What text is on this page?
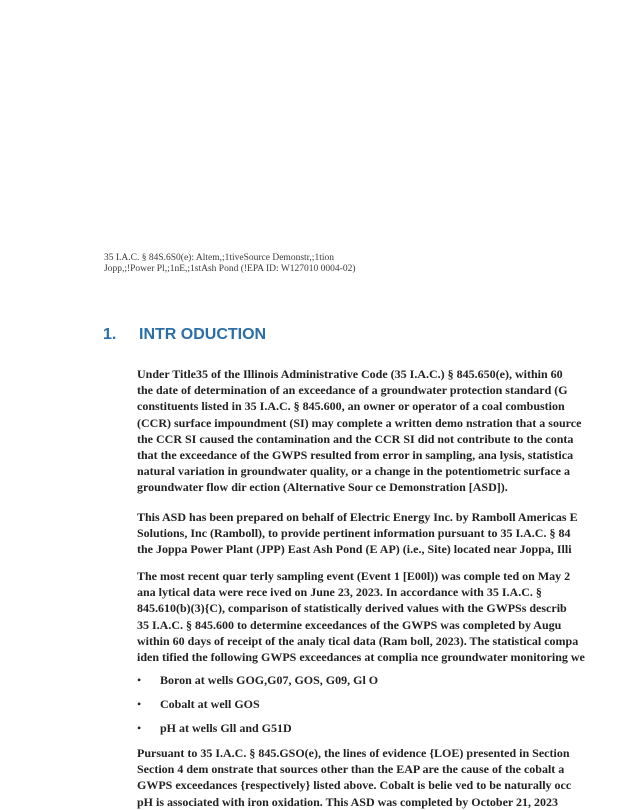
35 I.A.C. § 84S.6S0(e): Altem,;1tiveSource Demonstr,;1tion
Jopp,;!Power Pl,;1nE,;1stAsh Pond (!EPA ID: W127010 0004-02)
1. INTR ODUCTION
Under Title35 of the Illinois Administrative Code (35 I.A.C.) § 845.650(e), within 60
the date of determination of an exceedance of a groundwater protection standard (G
constituents listed in 35 I.A.C. § 845.600, an owner or operator of a coal combustion
(CCR) surface impoundment (SI) may complete a written demo nstration that a source
the CCR SI caused the contamination and the CCR SI did not contribute to the conta
that the exceedance of the GWPS resulted from error in sampling, ana lysis, statistica
natural variation in groundwater quality, or a change in the potentiometric surface a
groundwater flow dir ection (Alternative Sour ce Demonstration [ASD]).
This ASD has been prepared on behalf of Electric Energy Inc. by Ramboll Americas E
Solutions, Inc (Ramboll), to provide pertinent information pursuant to 35 I.A.C. § 84
the Joppa Power Plant (JPP) East Ash Pond (E AP) (i.e., Site) located near Joppa, Illi
The most recent quar terly sampling event (Event 1 [E00l)) was comple ted on May 2
ana lytical data were rece ived on June 23, 2023. In accordance with 35 I.A.C. §
845.610(b)(3){C), comparison of statistically derived values with the GWPSs describ
35 I.A.C. § 845.600 to determine exceedances of the GWPS was completed by Augu
within 60 days of receipt of the analy tical data (Ram boll, 2023). The statistical compa
iden tified the following GWPS exceedances at complia nce groundwater monitoring we
• Boron at wells GOG,G07, GOS, G09, Gl O
• Cobalt at well GOS
• pH at wells Gll and G51D
Pursuant to 35 I.A.C. § 845.GSO(e), the lines of evidence {LOE) presented in Section
Section 4 dem onstrate that sources other than the EAP are the cause of the cobalt a
GWPS exceedances {respectively} listed above. Cobalt is belie ved to be naturally occ
pH is associated with iron oxidation. This ASD was completed by October 21, 2023
